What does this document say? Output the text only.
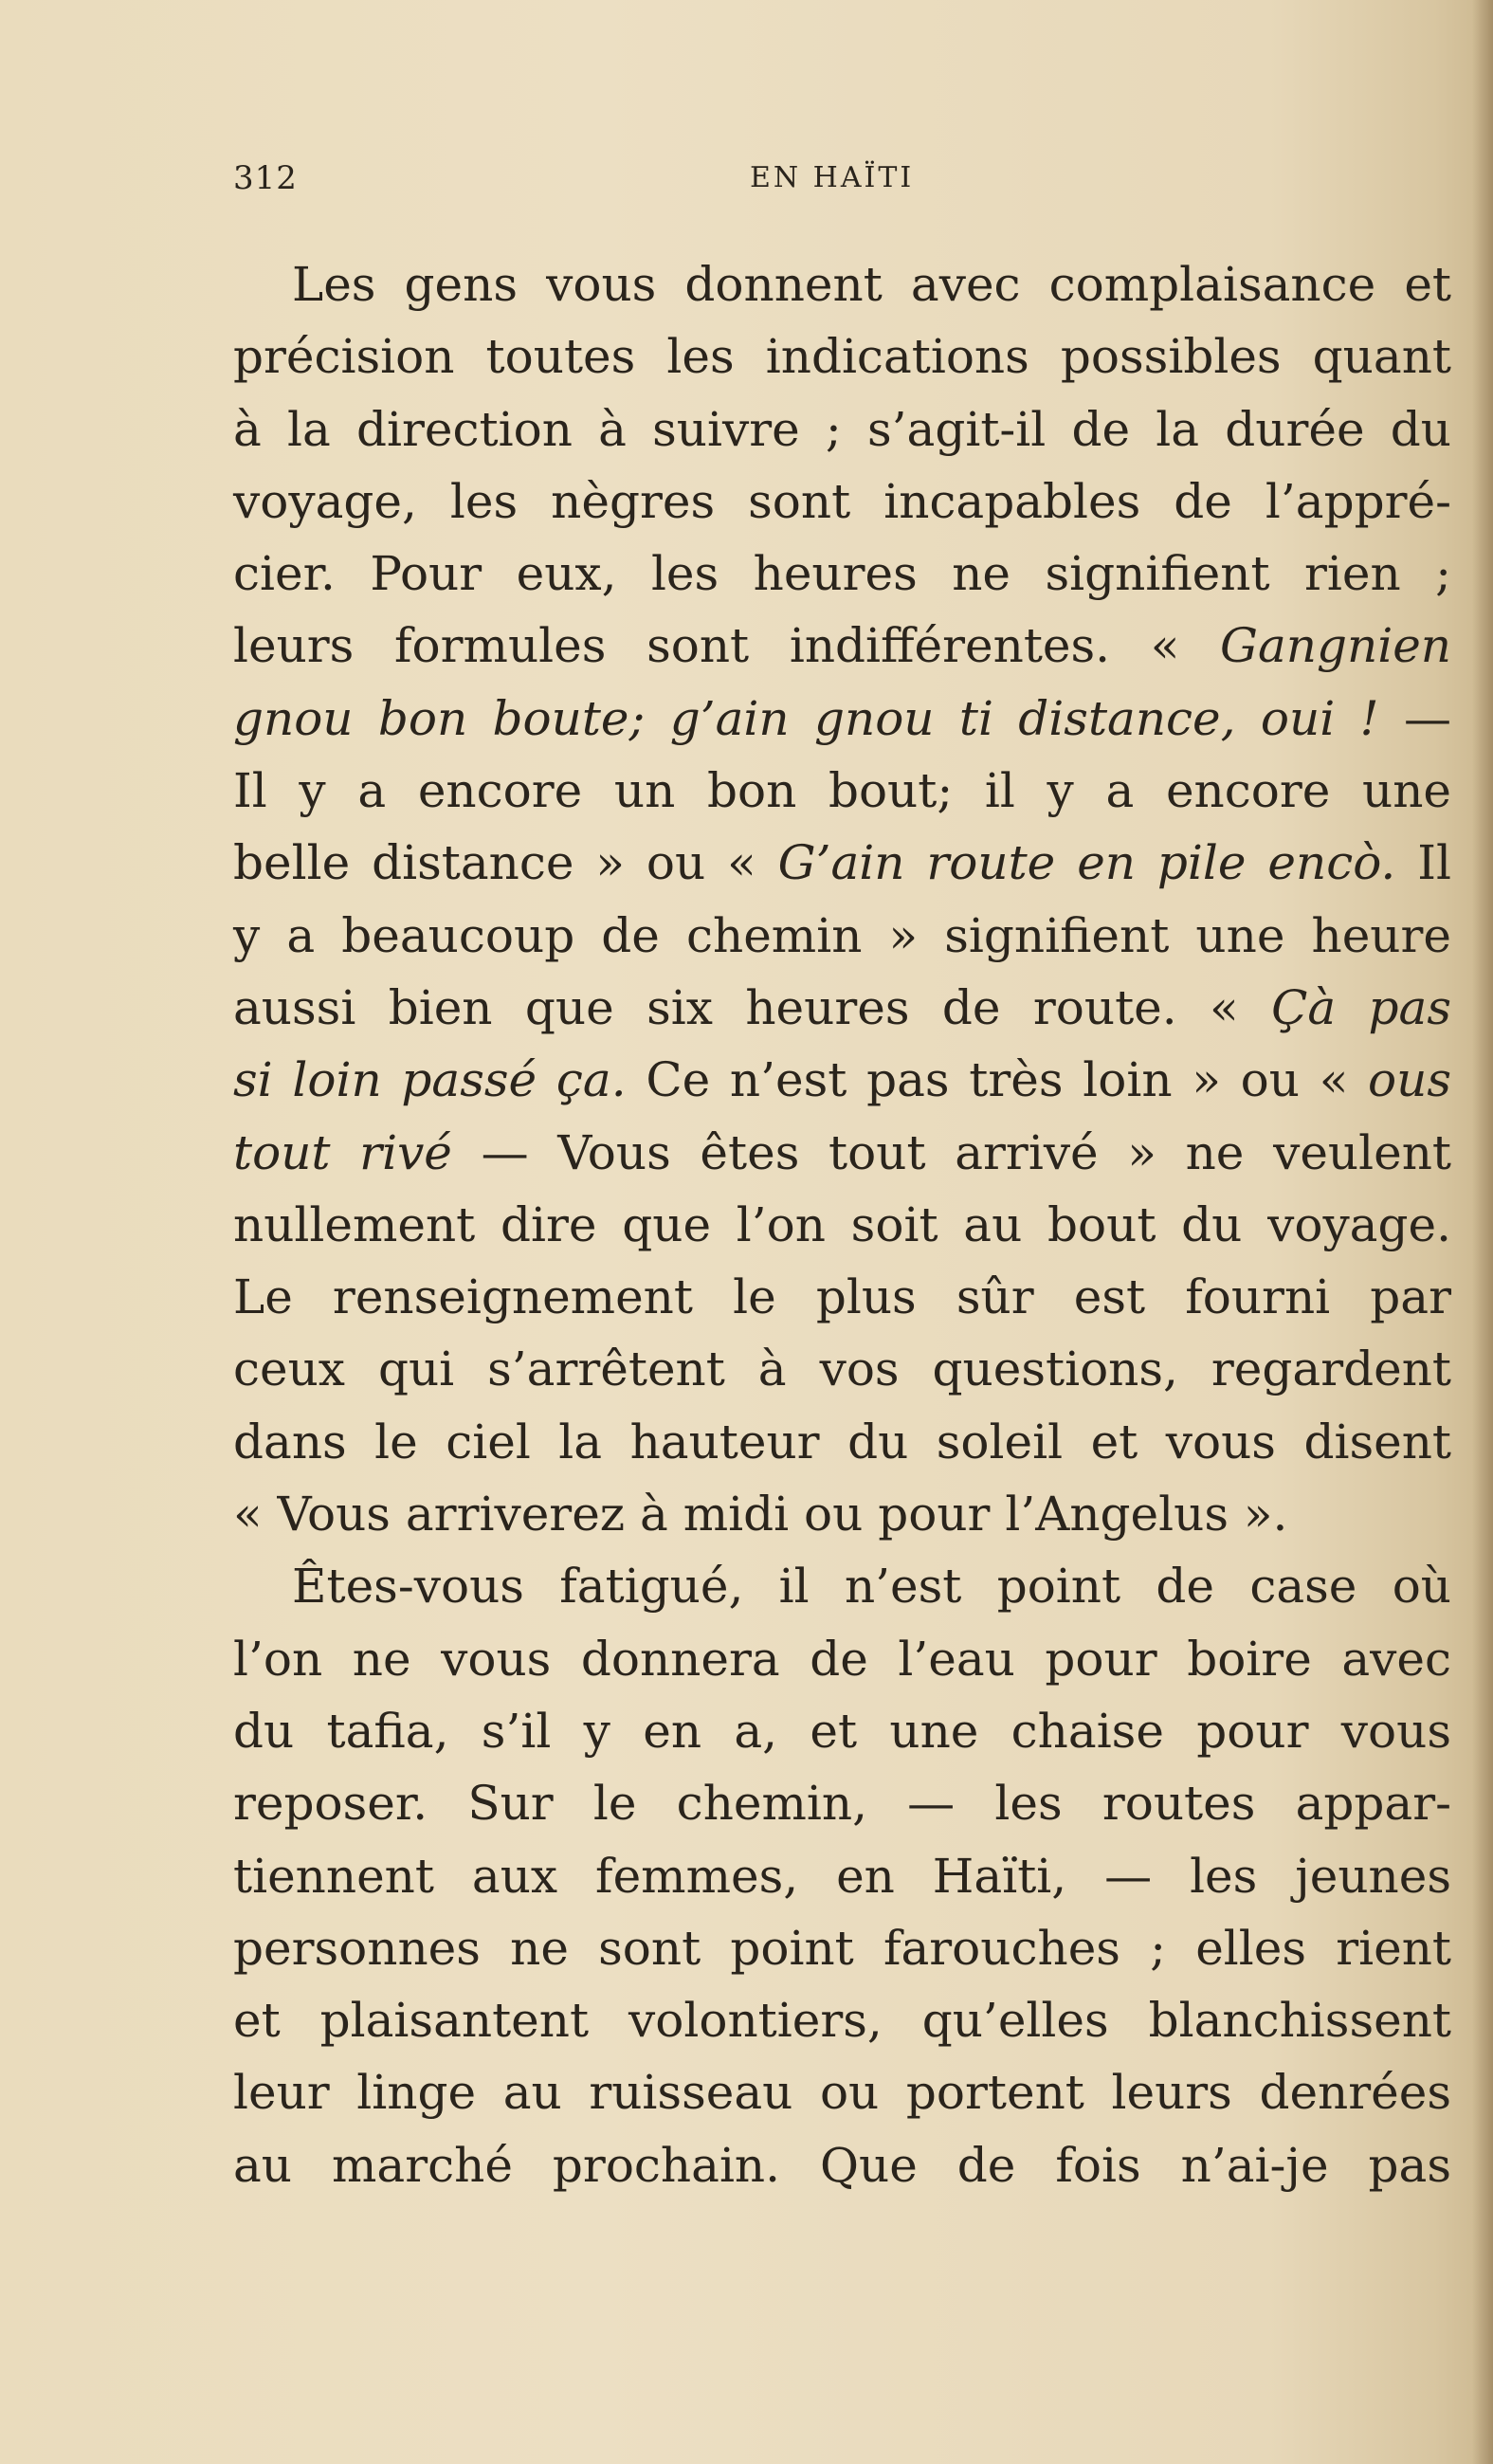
312	EN HAÏTI
Les gens vous donnent avec complaisance et
précision toutes les indications possibles quant
à la direction à suivre ; s’agit-il de la durée du
voyage, les nègres sont incapables de l’appré-
cier. Pour eux, les heures ne signifient rien ;
leurs formules sont indifférentes. « Gangnien
gnou bon boute; g’ain gnou ti distance, oui ! —
Il y a encore un bon bout; il y a encore une
belle distance » ou « G’ain route en pile encò. Il
y a beaucoup de chemin » signifient une heure
aussi bien que six heures de route. « Çà pas
si loin passé ça. Ce n’est pas très loin » ou « ous
tout rivé — Vous êtes tout arrivé » ne veulent
nullement dire que l’on soit au bout du voyage.
Le renseignement le plus sûr est fourni par
ceux qui s’arrêtent à vos questions, regardent
dans le ciel la hauteur du soleil et vous disent
« Vous arriverez à midi ou pour l’Angelus ».
Êtes-vous fatigué, il n’est point de case où
l’on ne vous donnera de l’eau pour boire avec
du tafia, s’il y en a, et une chaise pour vous
reposer. Sur le chemin, — les routes appar-
tiennent aux femmes, en Haïti, — les jeunes
personnes ne sont point farouches ; elles rient
et plaisantent volontiers, qu’elles blanchissent
leur linge au ruisseau ou portent leurs denrées
au marché prochain. Que de fois n’ai-je pas
